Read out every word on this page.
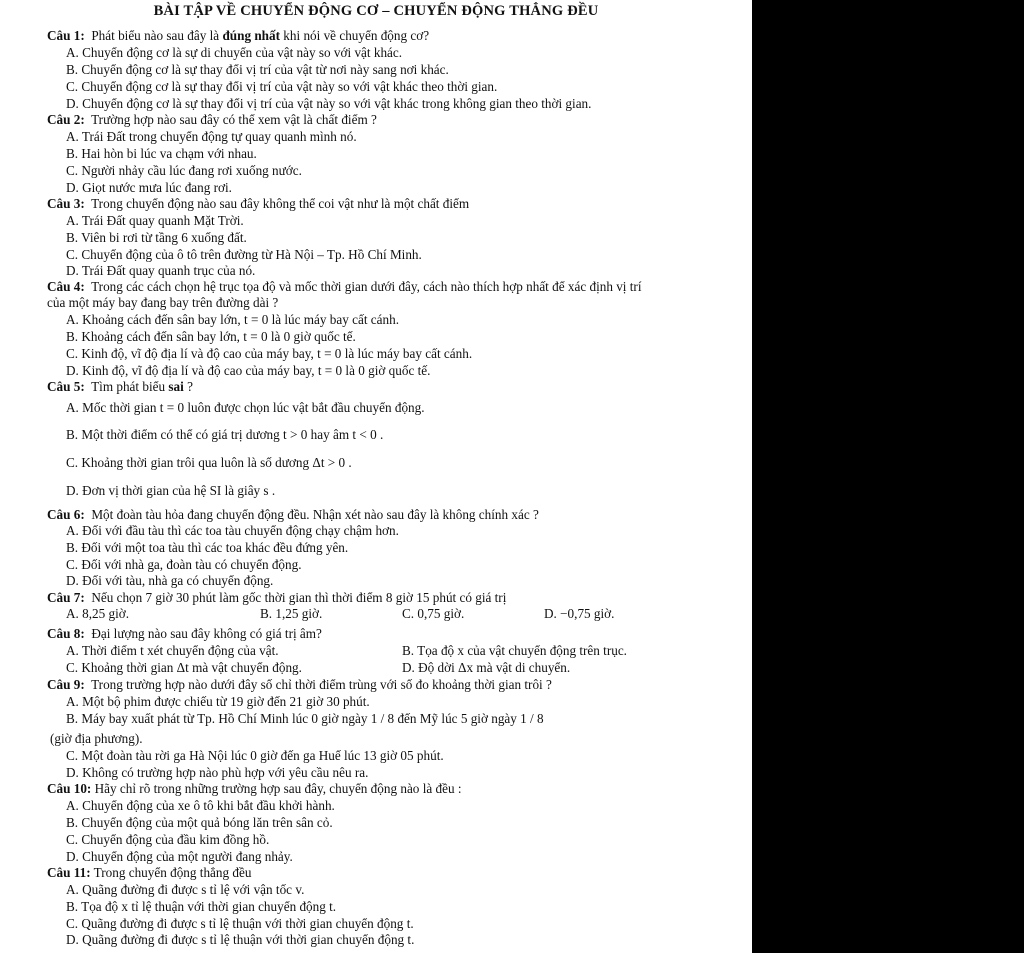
BÀI TẬP VỀ CHUYỂN ĐỘNG CƠ – CHUYỂN ĐỘNG THẲNG ĐỀU
Câu 1: Phát biểu nào sau đây là đúng nhất khi nói về chuyển động cơ?
A. Chuyển động cơ là sự di chuyển của vật này so với vật khác.
B. Chuyển động cơ là sự thay đổi vị trí của vật từ nơi này sang nơi khác.
C. Chuyển động cơ là sự thay đổi vị trí của vật này so với vật khác theo thời gian.
D. Chuyển động cơ là sự thay đổi vị trí của vật này so với vật khác trong không gian theo thời gian.
Câu 2: Trường hợp nào sau đây có thể xem vật là chất điểm ?
A. Trái Đất trong chuyển động tự quay quanh mình nó.
B. Hai hòn bi lúc va chạm với nhau.
C. Người nhảy cầu lúc đang rơi xuống nước.
D. Giọt nước mưa lúc đang rơi.
Câu 3: Trong chuyển động nào sau đây không thể coi vật như là một chất điểm
A. Trái Đất quay quanh Mặt Trời.
B. Viên bi rơi từ tầng 6 xuống đất.
C. Chuyển động của ô tô trên đường từ Hà Nội – Tp. Hồ Chí Minh.
D. Trái Đất quay quanh trục của nó.
Câu 4: Trong các cách chọn hệ trục tọa độ và mốc thời gian dưới đây, cách nào thích hợp nhất để xác định vị trí
của một máy bay đang bay trên đường dài ?
A. Khoảng cách đến sân bay lớn, t = 0 là lúc máy bay cất cánh.
B. Khoảng cách đến sân bay lớn, t = 0 là 0 giờ quốc tế.
C. Kinh độ, vĩ độ địa lí và độ cao của máy bay, t = 0 là lúc máy bay cất cánh.
D. Kinh độ, vĩ độ địa lí và độ cao của máy bay, t = 0 là 0 giờ quốc tế.
Câu 5: Tìm phát biểu sai ?
A. Mốc thời gian t = 0 luôn được chọn lúc vật bắt đầu chuyển động.
B. Một thời điểm có thể có giá trị dương t > 0 hay âm t < 0 .
C. Khoảng thời gian trôi qua luôn là số dương Δt > 0 .
D. Đơn vị thời gian của hệ SI là giây s .
Câu 6: Một đoàn tàu hỏa đang chuyển động đều. Nhận xét nào sau đây là không chính xác ?
A. Đối với đầu tàu thì các toa tàu chuyển động chạy chậm hơn.
B. Đối với một toa tàu thì các toa khác đều đứng yên.
C. Đối với nhà ga, đoàn tàu có chuyển động.
D. Đối với tàu, nhà ga có chuyển động.
Câu 7: Nếu chọn 7 giờ 30 phút làm gốc thời gian thì thời điểm 8 giờ 15 phút có giá trị
A. 8,25 giờ.	B. 1,25 giờ.	C. 0,75 giờ.	D. −0,75 giờ.
Câu 8: Đại lượng nào sau đây không có giá trị âm?
A. Thời điểm t xét chuyển động của vật.	B. Tọa độ x của vật chuyển động trên trục.
C. Khoảng thời gian Δt mà vật chuyển động.	D. Độ dời Δx mà vật di chuyển.
Câu 9: Trong trường hợp nào dưới đây số chỉ thời điểm trùng với số đo khoảng thời gian trôi ?
A. Một bộ phim được chiếu từ 19 giờ đến 21 giờ 30 phút.
B. Máy bay xuất phát từ Tp. Hồ Chí Minh lúc 0 giờ ngày 1 / 8 đến Mỹ lúc 5 giờ ngày 1 / 8
(giờ địa phương).
C. Một đoàn tàu rời ga Hà Nội lúc 0 giờ đến ga Huế lúc 13 giờ 05 phút.
D. Không có trường hợp nào phù hợp với yêu cầu nêu ra.
Câu 10: Hãy chỉ rõ trong những trường hợp sau đây, chuyển động nào là đều :
A. Chuyển động của xe ô tô khi bắt đầu khởi hành.
B. Chuyển động của một quả bóng lăn trên sân cỏ.
C. Chuyển động của đầu kim đồng hồ.
D. Chuyển động của một người đang nhảy.
Câu 11: Trong chuyển động thẳng đều
A. Quãng đường đi được s tỉ lệ với vận tốc v.
B. Tọa độ x tỉ lệ thuận với thời gian chuyển động t.
C. Quãng đường đi được s tỉ lệ thuận với thời gian chuyển động t.
D. Quãng đường đi được s tỉ lệ thuận với thời gian chuyển động t.
